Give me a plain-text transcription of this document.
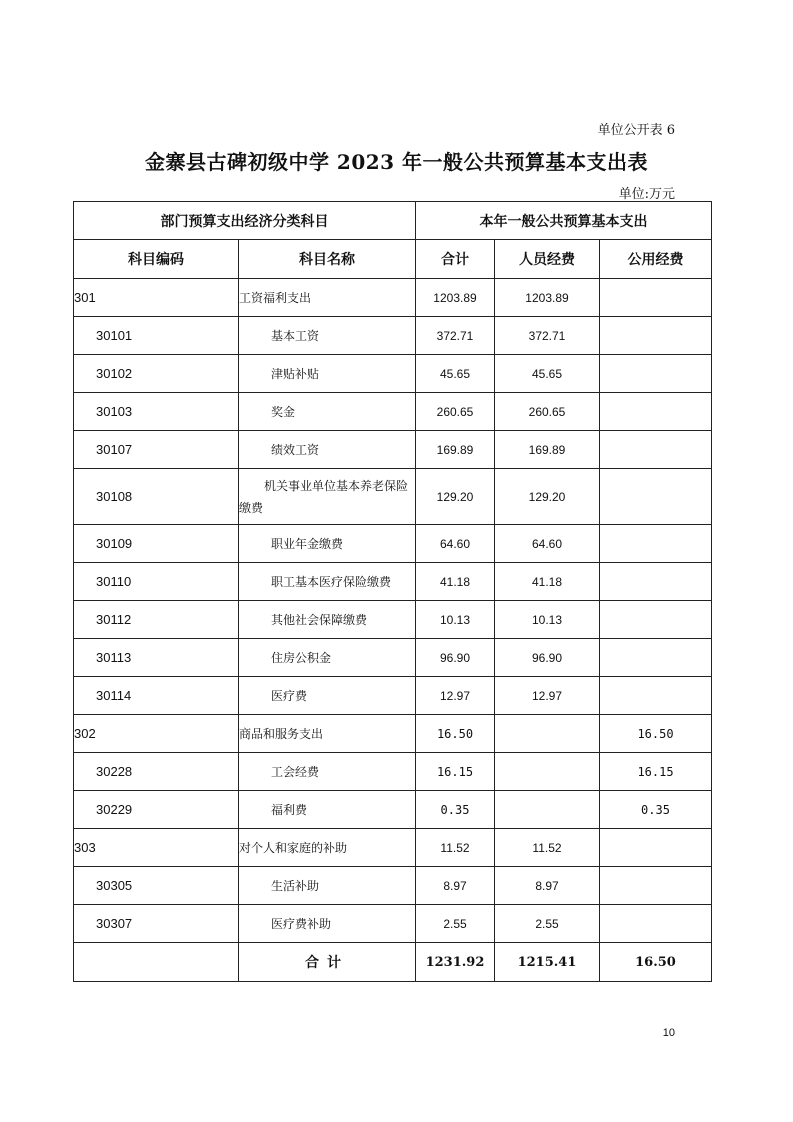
单位公开表 6
金寨县古碑初级中学 2023 年一般公共预算基本支出表
单位:万元
部门预算支出经济分类科目		本年一般公共预算基本支出		
科目编码	科目名称	合计	人员经费	公用经费
301	工资福利支出	1203.89	1203.89	
30101	基本工资	372.71	372.71	
30102	津贴补贴	45.65	45.65	
30103	奖金	260.65	260.65	
30107	绩效工资	169.89	169.89	
30108	机关事业单位基本养老保险缴费	129.20	129.20	
30109	职业年金缴费	64.60	64.60	
30110	职工基本医疗保险缴费	41.18	41.18	
30112	其他社会保障缴费	10.13	10.13	
30113	住房公积金	96.90	96.90	
30114	医疗费	12.97	12.97	
302	商品和服务支出	16.50		16.50
30228	工会经费	16.15		16.15
30229	福利费	0.35		0.35
303	对个人和家庭的补助	11.52	11.52	
30305	生活补助	8.97	8.97	
30307	医疗费补助	2.55	2.55	
	合计	1231.92	1215.41	16.50
10
